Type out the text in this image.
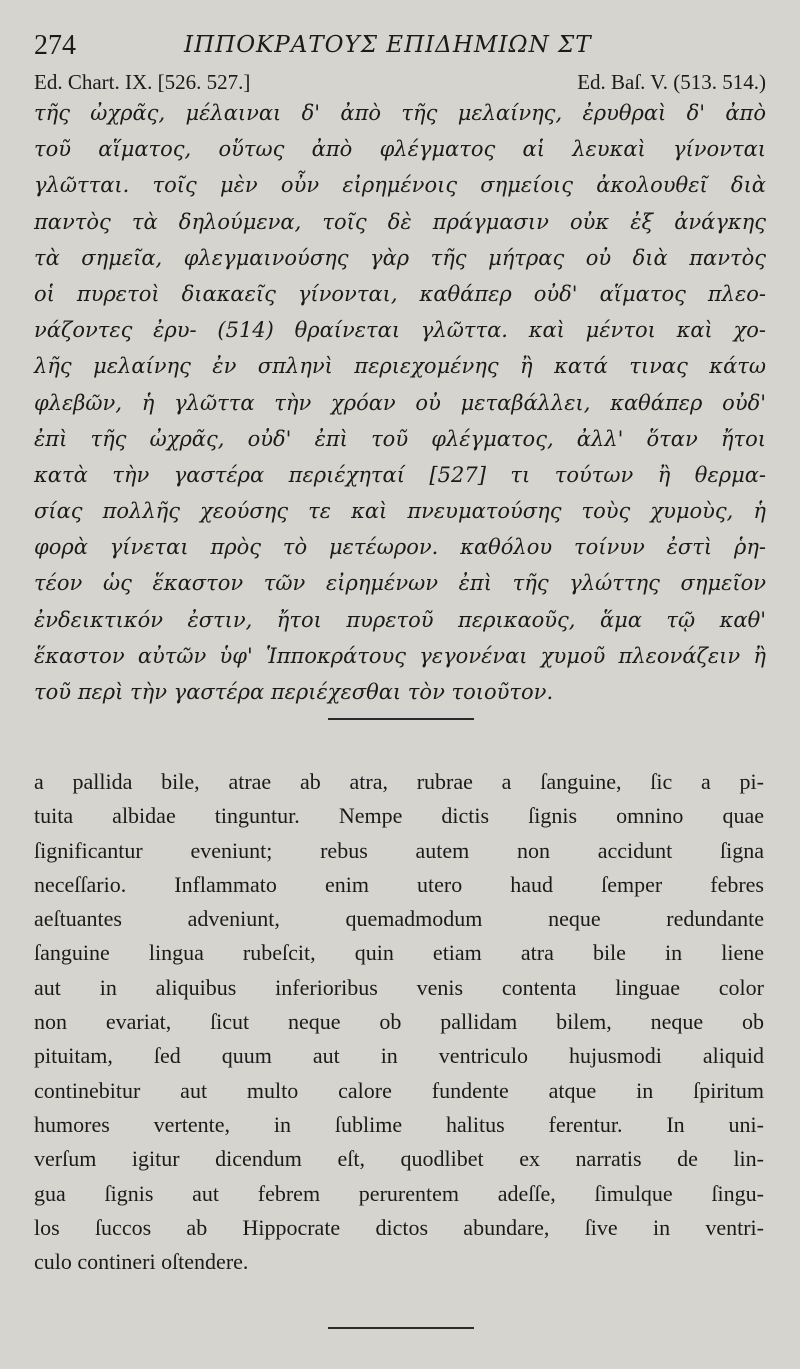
274	ΙΠΠΟΚΡΑΤΟΥΣ ΕΠΙΔΗΜΙΩΝ ΣΤ
Ed. Chart. IX. [526. 527.]	Ed. Baſ. V. (513. 514.)
τῆς ὠχρᾶς, μέλαιναι δ' ἀπὸ τῆς μελαίνης, ἐρυθραὶ δ' ἀπὸ
τοῦ αἵματος, οὕτως ἀπὸ φλέγματος αἱ λευκαὶ γίνονται
γλῶτται. τοῖς μὲν οὖν εἰρημένοις σημείοις ἀκολουθεῖ διὰ
παντὸς τὰ δηλούμενα, τοῖς δὲ πράγμασιν οὐκ ἐξ ἀνάγκης
τὰ σημεῖα, φλεγμαινούσης γὰρ τῆς μήτρας οὐ διὰ παντὸς
οἱ πυρετοὶ διακαεῖς γίνονται, καθάπερ οὐδ' αἵματος πλεο-
νάζοντες ἐρυ- (514) θραίνεται γλῶττα. καὶ μέντοι καὶ χο-
λῆς μελαίνης ἐν σπληνὶ περιεχομένης ἢ κατά τινας κάτω
φλεβῶν, ἡ γλῶττα τὴν χρόαν οὐ μεταβάλλει, καθάπερ οὐδ'
ἐπὶ τῆς ὠχρᾶς, οὐδ' ἐπὶ τοῦ φλέγματος, ἀλλ' ὅταν ἤτοι
κατὰ τὴν γαστέρα περιέχηταί [527] τι τούτων ἢ θερμα-
σίας πολλῆς χεούσης τε καὶ πνευματούσης τοὺς χυμοὺς, ἡ
φορὰ γίνεται πρὸς τὸ μετέωρον. καθόλου τοίνυν ἐστὶ ῥη-
τέον ὡς ἕκαστον τῶν εἰρημένων ἐπὶ τῆς γλώττης σημεῖον
ἐνδεικτικόν ἐστιν, ἤτοι πυρετοῦ περικαοῦς, ἅμα τῷ καθ'
ἕκαστον αὐτῶν ὑφ' Ἱπποκράτους γεγονέναι χυμοῦ πλεονάζειν ἢ
τοῦ περὶ τὴν γαστέρα περιέχεσθαι τὸν τοιοῦτον.
a pallida bile, atrae ab atra, rubrae a ſanguine, ſic a pi-
tuita albidae tinguntur. Nempe dictis ſignis omnino quae
ſignificantur eveniunt; rebus autem non accidunt ſigna
neceſſario. Inflammato enim utero haud ſemper febres
aeſtuantes adveniunt, quemadmodum neque redundante
ſanguine lingua rubeſcit, quin etiam atra bile in liene
aut in aliquibus inferioribus venis contenta linguae color
non evariat, ſicut neque ob pallidam bilem, neque ob
pituitam, ſed quum aut in ventriculo hujusmodi aliquid
continebitur aut multo calore fundente atque in ſpiritum
humores vertente, in ſublime halitus ferentur. In uni-
verſum igitur dicendum eſt, quodlibet ex narratis de lin-
gua ſignis aut febrem perurentem adeſſe, ſimulque ſingu-
los ſuccos ab Hippocrate dictos abundare, ſive in ventri-
culo contineri oſtendere.
